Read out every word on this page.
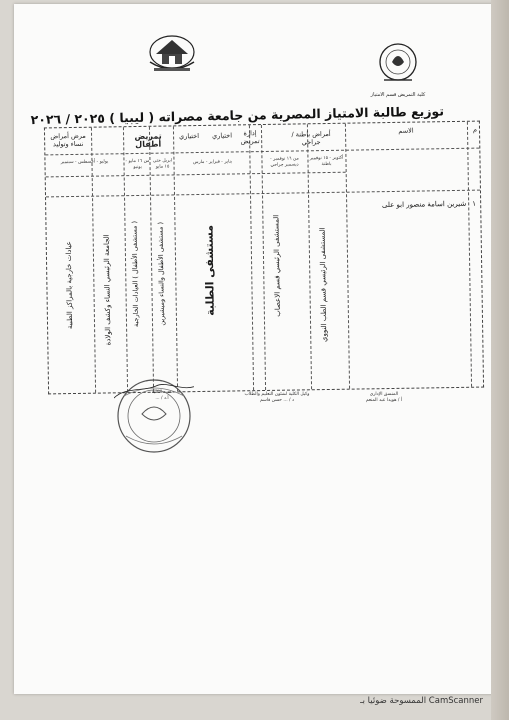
كلية التمريض قسم الامتياز
توزيع طالبة الامتياز المصرية من جامعة مصراته ( ليبيا ) ٢٠٢٥ / ٢٠٢٦
م
الاسم
أمراض باطنة / جراحي
أكتوبر - ١٥ نوفمبر باطنة
من ١٦ نوفمبر - ديسمبر جراحي
إدارة تمريض
اختياري
اختياري
يناير - فبراير - مارس
تمريض أطفال
ابريل حتى ١٥ مايو
من ١٦ مايو - يونيو
مرض أمراض نساء وتوليد
يوليو - أغسطس - سبتمبر
١
شيرين اسامة منصور ابو على
المستشفى الرئيسي قسم الطب النووي
المستشفى الرئيسي قسم الاعصاب
مستشفى الطلبة
مستشفى الأطفال والنساء وميشيرين )
مستشفى الأطفال ) العيادات الخارجية )
الجامعة الرئيسي النساء وكشف الولادة
عيادات خارجية بالمراكز الطبية
المنسق الإداري
أ / هويدا عبد المنعم
وكيل الكلية لشئون التعليم والطلاب
د / ... حسن قاسم
عميد الكلية
أ.د / ...
الممسوحة ضوئيا بـ CamScanner
